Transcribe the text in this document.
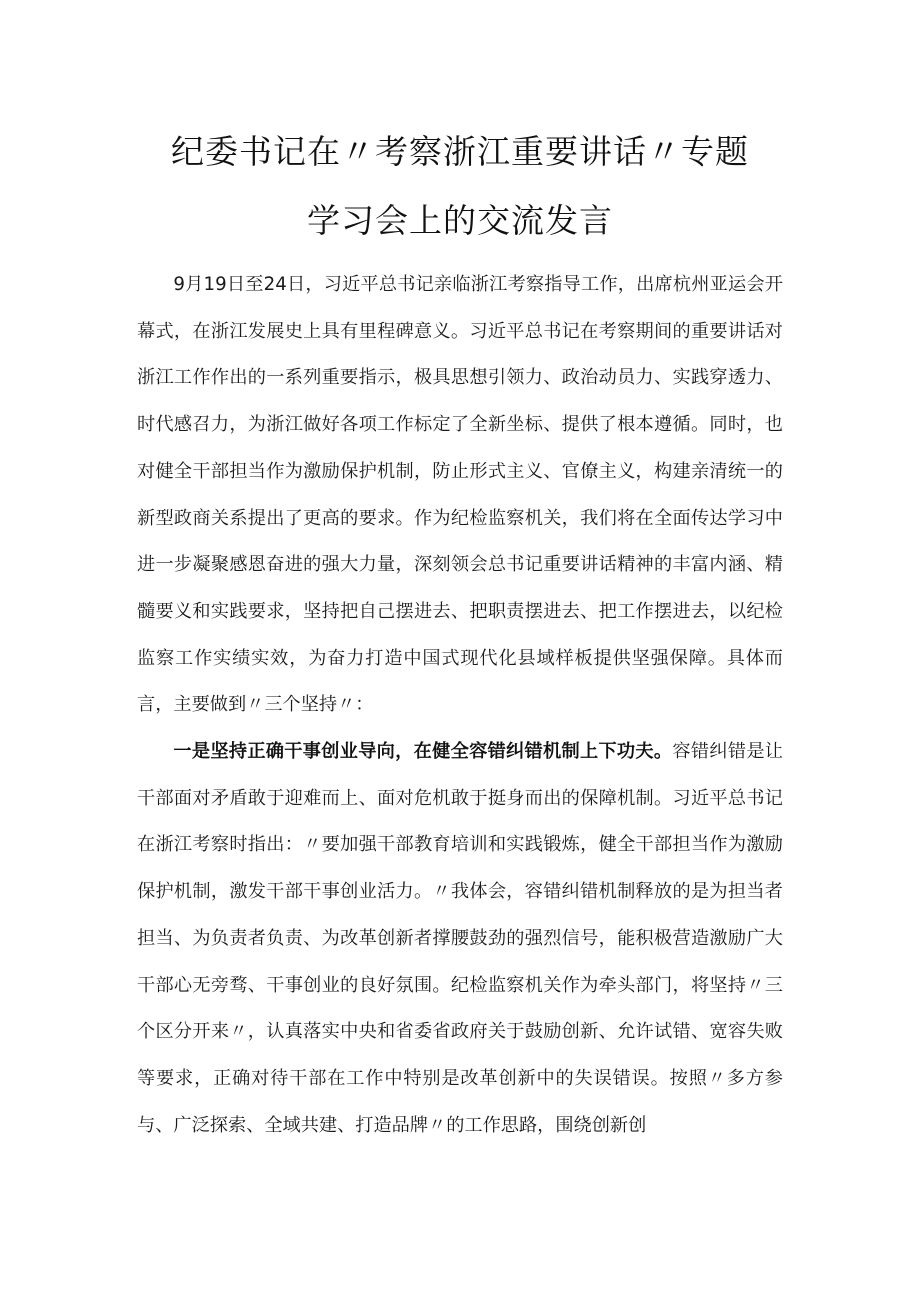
纪委书记在〃考察浙江重要讲话〃专题
学习会上的交流发言

9月19日至24日，习近平总书记亲临浙江考察指导工作，出席杭州亚运会开幕式，在浙江发展史上具有里程碑意义。习近平总书记在考察期间的重要讲话对浙江工作作出的一系列重要指示，极具思想引领力、政治动员力、实践穿透力、时代感召力，为浙江做好各项工作标定了全新坐标、提供了根本遵循。同时，也对健全干部担当作为激励保护机制，防止形式主义、官僚主义，构建亲清统一的新型政商关系提出了更高的要求。作为纪检监察机关，我们将在全面传达学习中进一步凝聚感恩奋进的强大力量，深刻领会总书记重要讲话精神的丰富内涵、精髓要义和实践要求，坚持把自己摆进去、把职责摆进去、把工作摆进去，以纪检监察工作实绩实效，为奋力打造中国式现代化县域样板提供坚强保障。具体而言，主要做到〃三个坚持〃：

一是坚持正确干事创业导向，在健全容错纠错机制上下功夫。容错纠错是让干部面对矛盾敢于迎难而上、面对危机敢于挺身而出的保障机制。习近平总书记在浙江考察时指出：〃要加强干部教育培训和实践锻炼，健全干部担当作为激励保护机制，激发干部干事创业活力。〃我体会，容错纠错机制释放的是为担当者担当、为负责者负责、为改革创新者撑腰鼓劲的强烈信号，能积极营造激励广大干部心无旁骛、干事创业的良好氛围。纪检监察机关作为牵头部门，将坚持〃三个区分开来〃，认真落实中央和省委省政府关于鼓励创新、允许试错、宽容失败等要求，正确对待干部在工作中特别是改革创新中的失误错误。按照〃多方参与、广泛探索、全域共建、打造品牌〃的工作思路，围绕创新创
